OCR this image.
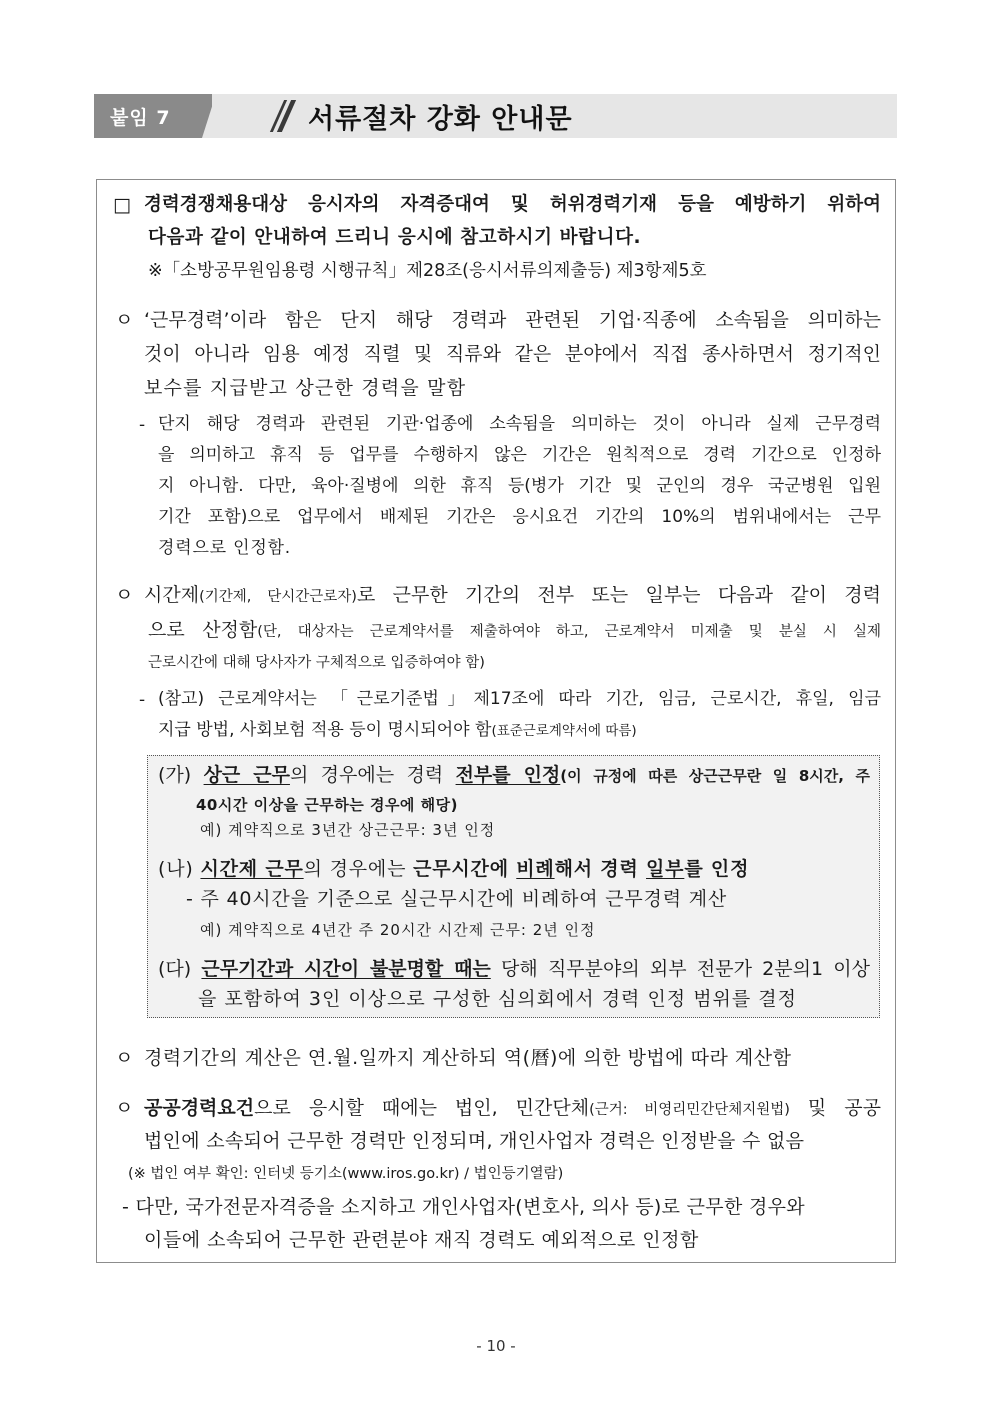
붙임 7	서류절차 강화 안내문
□ 경력경쟁채용대상 응시자의 자격증대여 및 허위경력기재 등을 예방하기 위하여
다음과 같이 안내하여 드리니 응시에 참고하시기 바랍니다.
※「소방공무원임용령 시행규칙」제28조(응시서류의제출등) 제3항제5호
ㅇ ‘근무경력’이라 함은 단지 해당 경력과 관련된 기업·직종에 소속됨을 의미하는
것이 아니라 임용 예정 직렬 및 직류와 같은 분야에서 직접 종사하면서 정기적인
보수를 지급받고 상근한 경력을 말함
- 단지 해당 경력과 관련된 기관·업종에 소속됨을 의미하는 것이 아니라 실제 근무경력
을 의미하고 휴직 등 업무를 수행하지 않은 기간은 원칙적으로 경력 기간으로 인정하
지 아니함. 다만, 육아·질병에 의한 휴직 등(병가 기간 및 군인의 경우 국군병원 입원
기간 포함)으로 업무에서 배제된 기간은 응시요건 기간의 10%의 범위내에서는 근무
경력으로 인정함.
ㅇ 시간제(기간제, 단시간근로자)로 근무한 기간의 전부 또는 일부는 다음과 같이 경력
으로 산정함(단, 대상자는 근로계약서를 제출하여야 하고, 근로계약서 미제출 및 분실 시 실제
근로시간에 대해 당사자가 구체적으로 입증하여야 함)
- (참고) 근로계약서는 「근로기준법」제17조에 따라 기간, 임금, 근로시간, 휴일, 임금
지급 방법, 사회보험 적용 등이 명시되어야 함(표준근로계약서에 따름)
(가) 상근 근무의 경우에는 경력 전부를 인정(이 규정에 따른 상근근무란 일 8시간, 주
40시간 이상을 근무하는 경우에 해당)
예) 계약직으로 3년간 상근근무: 3년 인정
(나) 시간제 근무의 경우에는 근무시간에 비례해서 경력 일부를 인정
- 주 40시간을 기준으로 실근무시간에 비례하여 근무경력 계산
예) 계약직으로 4년간 주 20시간 시간제 근무: 2년 인정
(다) 근무기간과 시간이 불분명할 때는 당해 직무분야의 외부 전문가 2분의1 이상
을 포함하여 3인 이상으로 구성한 심의회에서 경력 인정 범위를 결정
ㅇ 경력기간의 계산은 연.월.일까지 계산하되 역(曆)에 의한 방법에 따라 계산함
ㅇ 공공경력요건으로 응시할 때에는 법인, 민간단체(근거: 비영리민간단체지원법) 및 공공
법인에 소속되어 근무한 경력만 인정되며, 개인사업자 경력은 인정받을 수 없음
(※ 법인 여부 확인: 인터넷 등기소(www.iros.go.kr) / 법인등기열람)
- 다만, 국가전문자격증을 소지하고 개인사업자(변호사, 의사 등)로 근무한 경우와
이들에 소속되어 근무한 관련분야 재직 경력도 예외적으로 인정함
- 10 -
